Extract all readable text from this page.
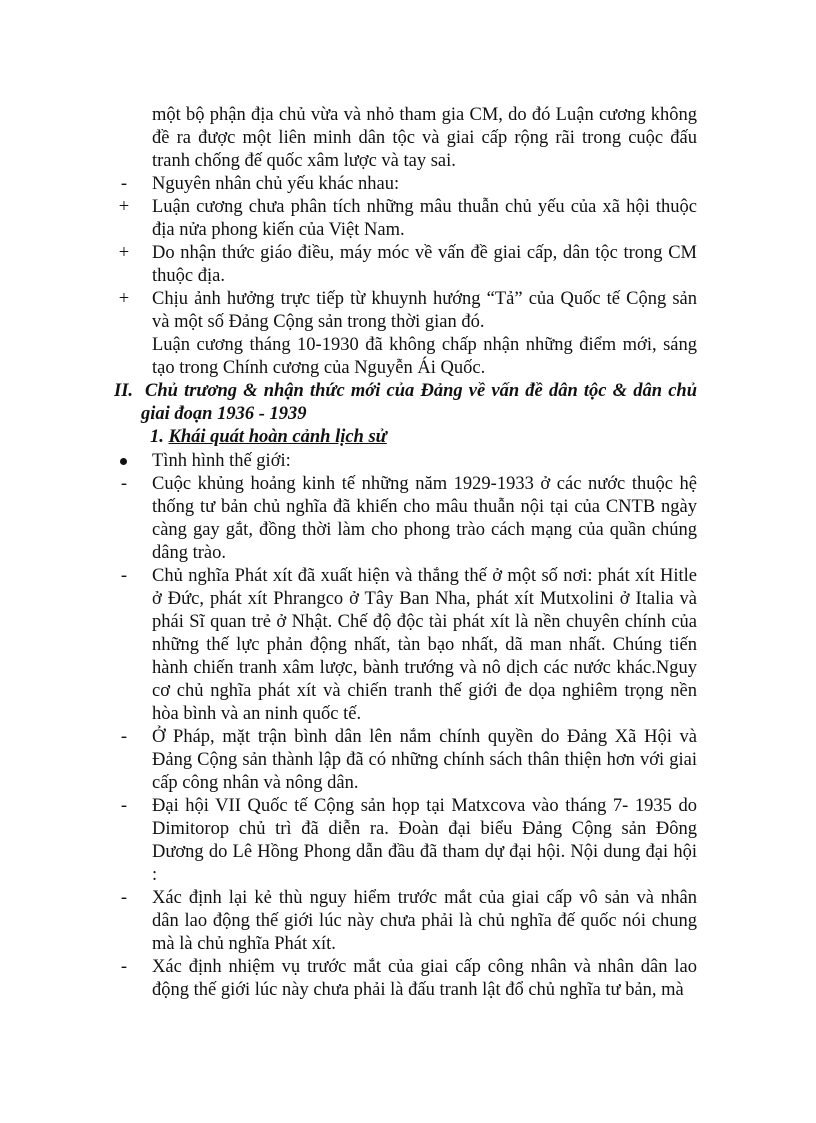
một bộ phận địa chủ vừa và nhỏ tham gia CM, do đó Luận cương không
đề ra được một liên minh dân tộc và giai cấp rộng rãi trong cuộc đấu
tranh chống đế quốc xâm lược và tay sai.
-	Nguyên nhân chủ yếu khác nhau:
+ Luận cương chưa phân tích những mâu thuẫn chủ yếu của xã hội thuộc
địa nửa phong kiến của Việt Nam.
+ Do nhận thức giáo điều, máy móc về vấn đề giai cấp, dân tộc trong CM
thuộc địa.
+ Chịu ảnh hưởng trực tiếp từ khuynh hướng “Tả” của Quốc tế Cộng sản
và một số Đảng Cộng sản trong thời gian đó.
Luận cương tháng 10-1930 đã không chấp nhận những điểm mới, sáng
tạo trong Chính cương của Nguyễn Ái Quốc.
II. Chủ trương & nhận thức mới của Đảng về vấn đề dân tộc & dân chủ
giai đoạn 1936 - 1939
1. Khái quát hoàn cảnh lịch sử
Tình hình thế giới:
-	Cuộc khủng hoảng kinh tế những năm 1929-1933 ở các nước thuộc hệ
thống tư bản chủ nghĩa đã khiến cho mâu thuẫn nội tại của CNTB ngày
càng gay gắt, đồng thời làm cho phong trào cách mạng của quần chúng
dâng trào.
-	Chủ nghĩa Phát xít đã xuất hiện và thắng thế ở một số nơi: phát xít Hitle
ở Đức, phát xít Phrangco ở Tây Ban Nha, phát xít Mutxolini ở Italia và
phái Sĩ quan trẻ ở Nhật. Chế độ độc tài phát xít là nền chuyên chính của
những thế lực phản động nhất, tàn bạo nhất, dã man nhất. Chúng tiến
hành chiến tranh xâm lược, bành trướng và nô dịch các nước khác.Nguy
cơ chủ nghĩa phát xít và chiến tranh thế giới đe dọa nghiêm trọng nền
hòa bình và an ninh quốc tế.
-	Ở Pháp, mặt trận bình dân lên nắm chính quyền do Đảng Xã Hội và
Đảng Cộng sản thành lập đã có những chính sách thân thiện hơn với giai
cấp công nhân và nông dân.
-	Đại hội VII Quốc tế Cộng sản họp tại Matxcova vào tháng 7- 1935 do
Dimitorop chủ trì đã diễn ra. Đoàn đại biểu Đảng Cộng sản Đông
Dương do Lê Hồng Phong dẫn đầu đã tham dự đại hội. Nội dung đại hội
:
-	Xác định lại kẻ thù nguy hiểm trước mắt của giai cấp vô sản và nhân
dân lao động thế giới lúc này chưa phải là chủ nghĩa đế quốc nói chung
mà là chủ nghĩa Phát xít.
-	Xác định nhiệm vụ trước mắt của giai cấp công nhân và nhân dân lao
động thế giới lúc này chưa phải là đấu tranh lật đổ chủ nghĩa tư bản, mà
